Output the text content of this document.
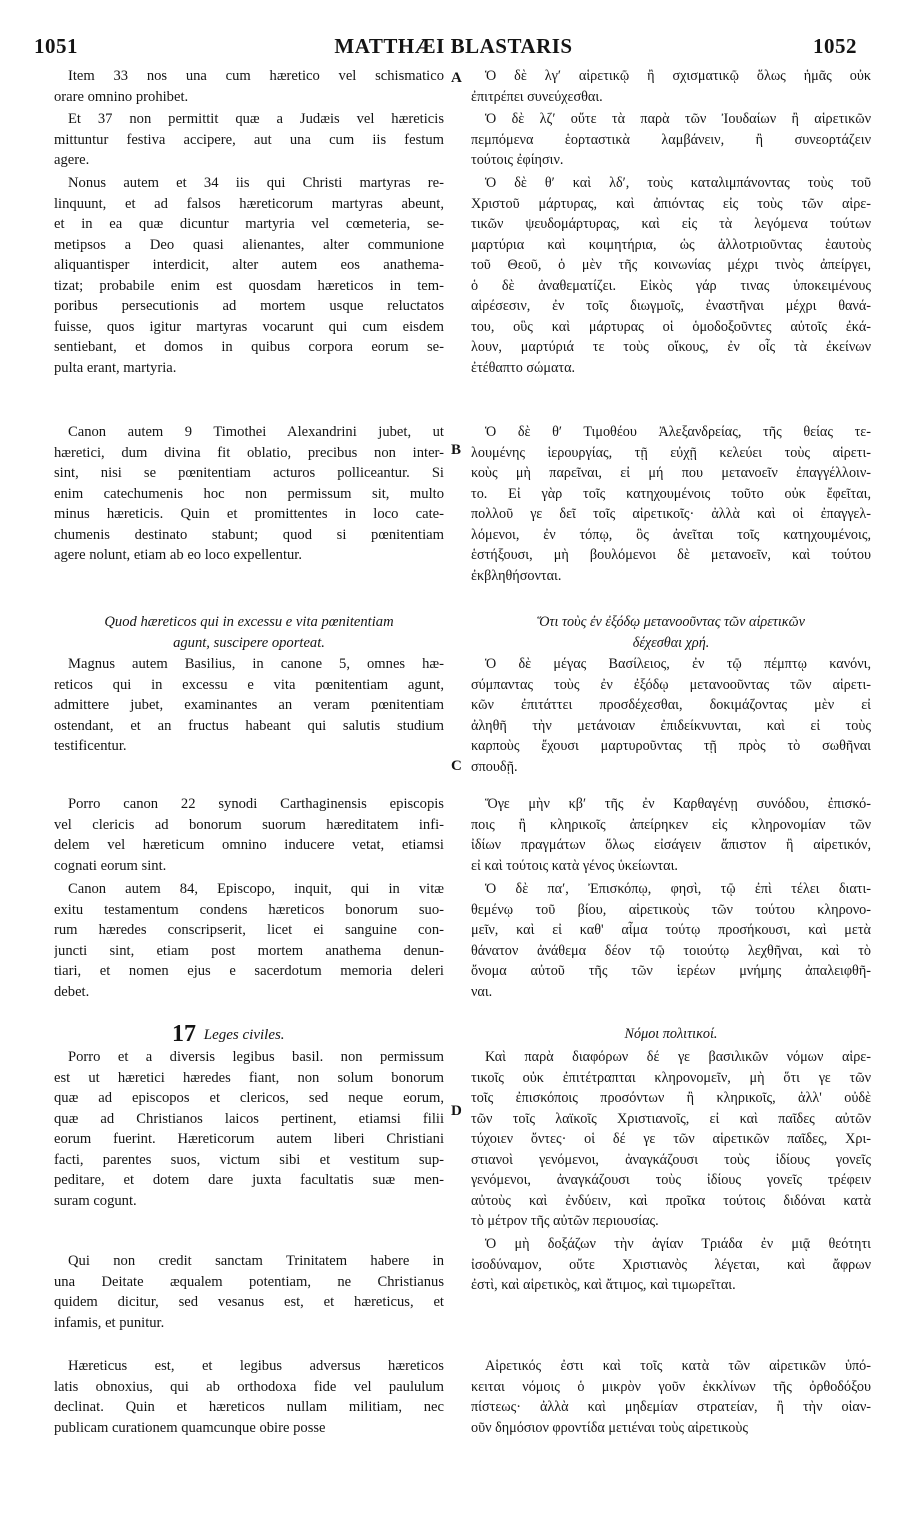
1051	MATTHÆI BLASTARIS	1052
A
B
C
D
Item 33 nos una cum hæretico vel schismatico
orare omnino prohibet.
Et 37 non permittit quæ a Judæis vel hæreticis
mittuntur festiva accipere, aut una cum iis festum
agere.
Nonus autem et 34 iis qui Christi martyras re-
linquunt, et ad falsos hæreticorum martyras abeunt,
et in ea quæ dicuntur martyria vel cœmeteria, se-
metipsos a Deo quasi alienantes, alter communione
aliquantisper interdicit, alter autem eos anathema-
tizat; probabile enim est quosdam hæreticos in tem-
poribus persecutionis ad mortem usque reluctatos
fuisse, quos igitur martyras vocarunt qui cum eisdem
sentiebant, et domos in quibus corpora eorum se-
pulta erant, martyria.
Canon autem 9 Timothei Alexandrini jubet, ut
hæretici, dum divina fit oblatio, precibus non inter-
sint, nisi se pœnitentiam acturos polliceantur. Si
enim catechumenis hoc non permissum sit, multo
minus hæreticis. Quin et promittentes in loco cate-
chumenis destinato stabunt; quod si pœnitentiam
agere nolunt, etiam ab eo loco expellentur.
Quod hæreticos qui in excessu e vita pœnitentiam
agunt, suscipere oporteat.
Magnus autem Basilius, in canone 5, omnes hæ-
reticos qui in excessu e vita pœnitentiam agunt,
admittere jubet, examinantes an veram pœnitentiam
ostendant, et an fructus habeant qui salutis studium
testificentur.
Porro canon 22 synodi Carthaginensis episcopis
vel clericis ad bonorum suorum hæreditatem infi-
delem vel hæreticum omnino inducere vetat, etiamsi
cognati eorum sint.
Canon autem 84, Episcopo, inquit, qui in vitæ
exitu testamentum condens hæreticos bonorum suo-
rum hæredes conscripserit, licet ei sanguine con-
juncti sint, etiam post mortem anathema denun-
tiari, et nomen ejus e sacerdotum memoria deleri
debet.
17 Leges civiles.
Porro et a diversis legibus basil. non permissum
est ut hæretici hæredes fiant, non solum bonorum
quæ ad episcopos et clericos, sed neque eorum,
quæ ad Christianos laicos pertinent, etiamsi filii
eorum fuerint. Hæreticorum autem liberi Christiani
facti, parentes suos, victum sibi et vestitum sup-
peditare, et dotem dare juxta facultatis suæ men-
suram cogunt.
Qui non credit sanctam Trinitatem habere in
una Deitate æqualem potentiam, ne Christianus
quidem dicitur, sed vesanus est, et hæreticus, et
infamis, et punitur.
Hæreticus est, et legibus adversus hæreticos
latis obnoxius, qui ab orthodoxa fide vel paululum
declinat. Quin et hæreticos nullam militiam, nec
publicam curationem quamcunque obire posse
Ὁ δὲ λγʹ αἱρετικῷ ἢ σχισματικῷ ὅλως ἡμᾶς οὐκ
ἐπιτρέπει συνεύχεσθαι.
Ὁ δὲ λζʹ οὔτε τὰ παρὰ τῶν Ἰουδαίων ἢ αἱρετικῶν
πεμπόμενα ἑορταστικὰ λαμβάνειν, ἢ συνεορτάζειν
τούτοις ἐφίησιν.
Ὁ δὲ θʹ καὶ λδʹ, τοὺς καταλιμπάνοντας τοὺς τοῦ
Χριστοῦ μάρτυρας, καὶ ἀπιόντας εἰς τοὺς τῶν αἱρε-
τικῶν ψευδομάρτυρας, καὶ εἰς τὰ λεγόμενα τούτων
μαρτύρια καὶ κοιμητήρια, ὡς ἀλλοτριοῦντας ἑαυτοὺς
τοῦ Θεοῦ, ὁ μὲν τῆς κοινωνίας μέχρι τινὸς ἀπείργει,
ὁ δὲ ἀναθεματίζει. Εἰκὸς γάρ τινας ὑποκειμένους
αἱρέσεσιν, ἐν τοῖς διωγμοῖς, ἐναστῆναι μέχρι θανά-
του, οὓς καὶ μάρτυρας οἱ ὁμοδοξοῦντες αὐτοῖς ἐκά-
λουν, μαρτύριά τε τοὺς οἴκους, ἐν οἷς τὰ ἐκείνων
ἐτέθαπτο σώματα.
Ὁ δὲ θʹ Τιμοθέου Ἀλεξανδρείας, τῆς θείας τε-
λουμένης ἱερουργίας, τῇ εὐχῇ κελεύει τοὺς αἱρετι-
κοὺς μὴ παρεῖναι, εἰ μή που μετανοεῖν ἐπαγγέλλοιν-
το. Εἰ γὰρ τοῖς κατηχουμένοις τοῦτο οὐκ ἔφεῖται,
πολλοῦ γε δεῖ τοῖς αἱρετικοῖς· ἀλλὰ καὶ οἱ ἐπαγγελ-
λόμενοι, ἐν τόπῳ, ὃς ἀνεῖται τοῖς κατηχουμένοις,
ἑστήξουσι, μὴ βουλόμενοι δὲ μετανοεῖν, καὶ τούτου
ἐκβληθήσονται.
Ὅτι τοὺς ἐν ἐξόδῳ μετανοοῦντας τῶν αἱρετικῶν
δέχεσθαι χρή.
Ὁ δὲ μέγας Βασίλειος, ἐν τῷ πέμπτῳ κανόνι,
σύμπαντας τοὺς ἐν ἐξόδῳ μετανοοῦντας τῶν αἱρετι-
κῶν ἐπιτάττει προσδέχεσθαι, δοκιμάζοντας μὲν εἰ
ἀληθῆ τὴν μετάνοιαν ἐπιδείκνυνται, καὶ εἰ τοὺς
καρποὺς ἔχουσι μαρτυροῦντας τῇ πρὸς τὸ σωθῆναι
σπουδῇ.
Ὅγε μὴν κβʹ τῆς ἐν Καρθαγένῃ συνόδου, ἐπισκό-
ποις ἢ κληρικοῖς ἀπείρηκεν εἰς κληρονομίαν τῶν
ἰδίων πραγμάτων ὅλως εἰσάγειν ἄπιστον ἢ αἱρετικόν,
εἰ καὶ τούτοις κατὰ γένος ὑκείωνται.
Ὁ δὲ παʹ, Ἐπισκόπῳ, φησὶ, τῷ ἐπὶ τέλει διατι-
θεμένῳ τοῦ βίου, αἱρετικοὺς τῶν τούτου κληρονο-
μεῖν, καὶ εἰ καθ' αἷμα τούτῳ προσήκουσι, καὶ μετὰ
θάνατον ἀνάθεμα δέον τῷ τοιούτῳ λεχθῆναι, καὶ τὸ
ὄνομα αὐτοῦ τῆς τῶν ἱερέων μνήμης ἀπαλειφθῆ-
ναι.
Νόμοι πολιτικοί.
Καὶ παρὰ διαφόρων δέ γε βασιλικῶν νόμων αἱρε-
τικοῖς οὐκ ἐπιτέτραπται κληρονομεῖν, μὴ ὅτι γε τῶν
τοῖς ἐπισκόποις προσόντων ἢ κληρικοῖς, ἀλλ' οὐδὲ
τῶν τοῖς λαϊκοῖς Χριστιανοῖς, εἰ καὶ παῖδες αὐτῶν
τύχοιεν ὄντες· οἱ δέ γε τῶν αἱρετικῶν παῖδες, Χρι-
στιανοὶ γενόμενοι, ἀναγκάζουσι τοὺς ἰδίους γονεῖς
γενόμενοι, ἀναγκάζουσι τοὺς ἰδίους γονεῖς τρέφειν
αὐτοὺς καὶ ἐνδύειν, καὶ προῖκα τούτοις διδόναι κατὰ
τὸ μέτρον τῆς αὐτῶν περιουσίας.
Ὁ μὴ δοξάζων τὴν ἁγίαν Τριάδα ἐν μιᾷ θεότητι
ἰσοδύναμον, οὔτε Χριστιανὸς λέγεται, καὶ ἄφρων
ἐστὶ, καὶ αἱρετικὸς, καὶ ἄτιμος, καὶ τιμωρεῖται.
Αἱρετικός ἐστι καὶ τοῖς κατὰ τῶν αἱρετικῶν ὑπό-
κειται νόμοις ὁ μικρὸν γοῦν ἐκκλίνων τῆς ὀρθοδόξου
πίστεως· ἀλλὰ καὶ μηδεμίαν στρατείαν, ἢ τὴν οἱαν-
οῦν δημόσιον φροντίδα μετιέναι τοὺς αἱρετικοὺς
